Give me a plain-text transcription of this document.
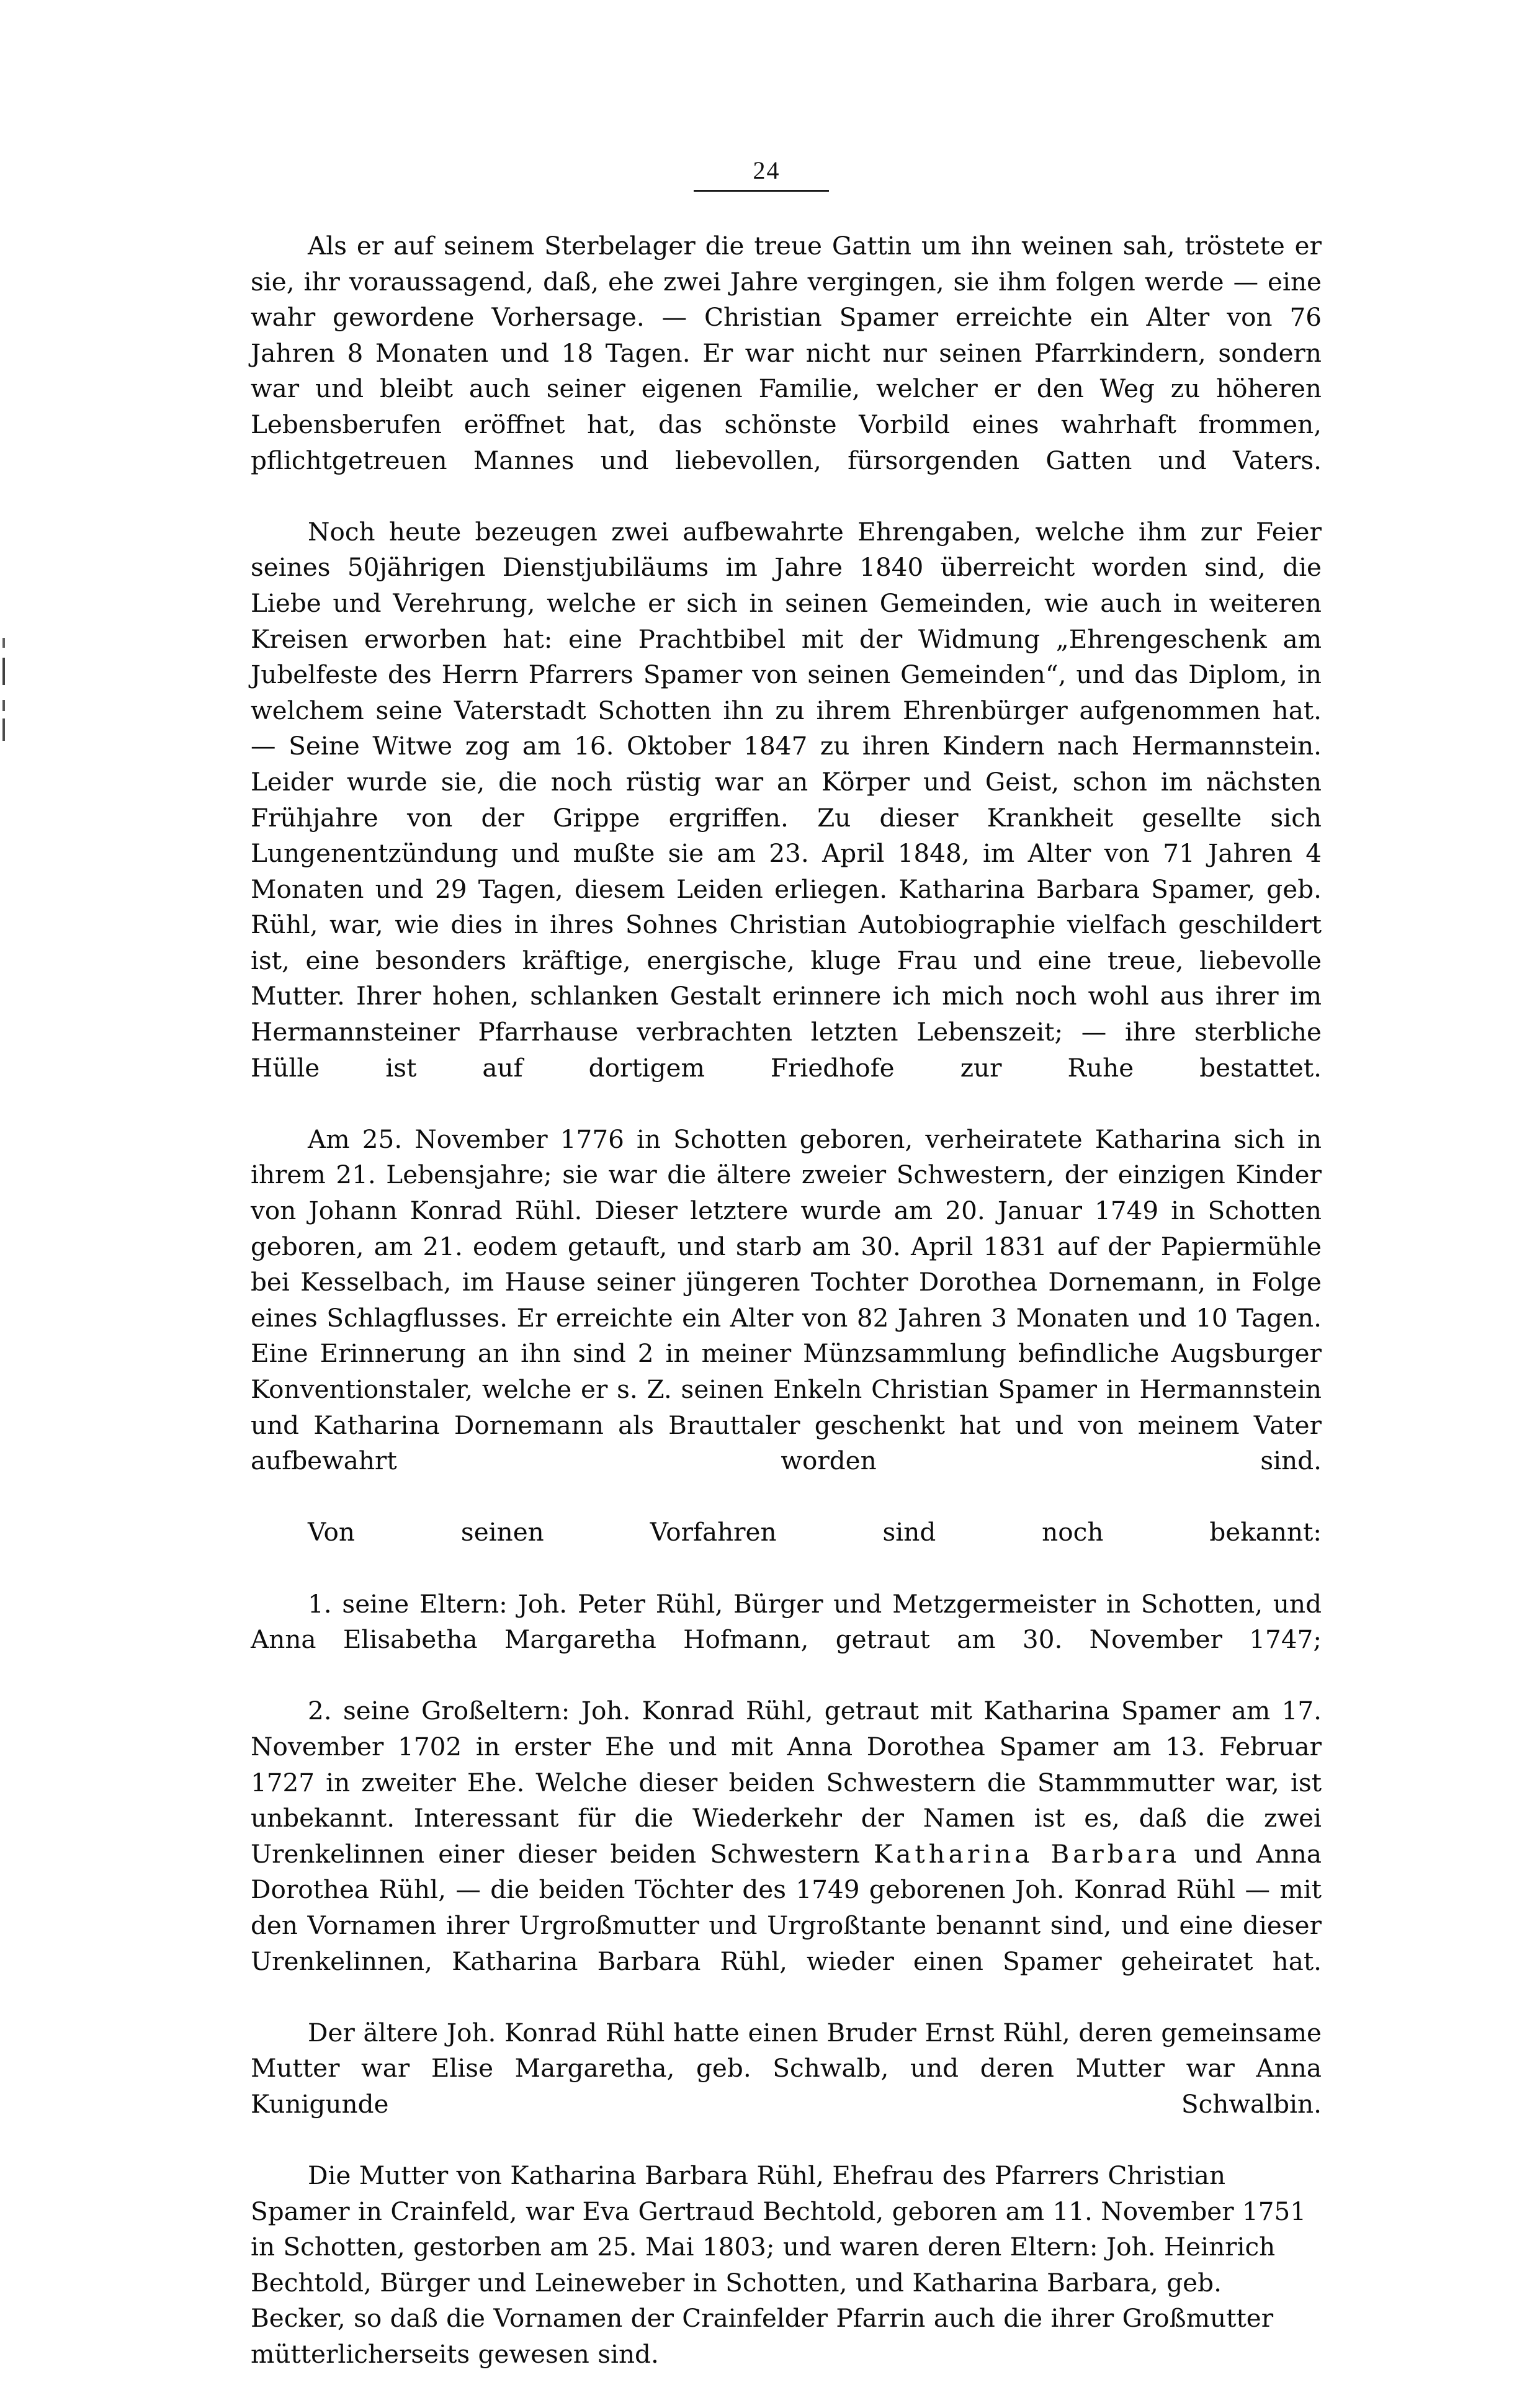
24

Als er auf seinem Sterbelager die treue Gattin um ihn weinen sah, tröstete er sie, ihr voraussagend, daß, ehe zwei Jahre vergingen, sie ihm folgen werde — eine wahr gewordene Vorhersage. — Christian Spamer erreichte ein Alter von 76 Jahren 8 Monaten und 18 Tagen. Er war nicht nur seinen Pfarrkindern, sondern war und bleibt auch seiner eigenen Familie, welcher er den Weg zu höheren Lebensberufen eröffnet hat, das schönste Vorbild eines wahrhaft frommen, pflichtgetreuen Mannes und liebevollen, fürsorgenden Gatten und Vaters.

Noch heute bezeugen zwei aufbewahrte Ehrengaben, welche ihm zur Feier seines 50jährigen Dienstjubiläums im Jahre 1840 überreicht worden sind, die Liebe und Verehrung, welche er sich in seinen Gemeinden, wie auch in weiteren Kreisen erworben hat: eine Prachtbibel mit der Widmung „Ehrengeschenk am Jubelfeste des Herrn Pfarrers Spamer von seinen Gemeinden“, und das Diplom, in welchem seine Vaterstadt Schotten ihn zu ihrem Ehrenbürger aufgenommen hat. — Seine Witwe zog am 16. Oktober 1847 zu ihren Kindern nach Hermannstein. Leider wurde sie, die noch rüstig war an Körper und Geist, schon im nächsten Frühjahre von der Grippe ergriffen. Zu dieser Krankheit gesellte sich Lungenentzündung und mußte sie am 23. April 1848, im Alter von 71 Jahren 4 Monaten und 29 Tagen, diesem Leiden erliegen. Katharina Barbara Spamer, geb. Rühl, war, wie dies in ihres Sohnes Christian Autobiographie vielfach geschildert ist, eine besonders kräftige, energische, kluge Frau und eine treue, liebevolle Mutter. Ihrer hohen, schlanken Gestalt erinnere ich mich noch wohl aus ihrer im Hermannsteiner Pfarrhause verbrachten letzten Lebenszeit; — ihre sterbliche Hülle ist auf dortigem Friedhofe zur Ruhe bestattet.

Am 25. November 1776 in Schotten geboren, verheiratete Katharina sich in ihrem 21. Lebensjahre; sie war die ältere zweier Schwestern, der einzigen Kinder von Johann Konrad Rühl. Dieser letztere wurde am 20. Januar 1749 in Schotten geboren, am 21. eodem getauft, und starb am 30. April 1831 auf der Papiermühle bei Kesselbach, im Hause seiner jüngeren Tochter Dorothea Dornemann, in Folge eines Schlagflusses. Er erreichte ein Alter von 82 Jahren 3 Monaten und 10 Tagen. Eine Erinnerung an ihn sind 2 in meiner Münzsammlung befindliche Augsburger Konventionstaler, welche er s. Z. seinen Enkeln Christian Spamer in Hermannstein und Katharina Dornemann als Brauttaler geschenkt hat und von meinem Vater aufbewahrt worden sind.

Von seinen Vorfahren sind noch bekannt:

1. seine Eltern: Joh. Peter Rühl, Bürger und Metzgermeister in Schotten, und Anna Elisabetha Margaretha Hofmann, getraut am 30. November 1747;

2. seine Großeltern: Joh. Konrad Rühl, getraut mit Katharina Spamer am 17. November 1702 in erster Ehe und mit Anna Dorothea Spamer am 13. Februar 1727 in zweiter Ehe. Welche dieser beiden Schwestern die Stammmutter war, ist unbekannt. Interessant für die Wiederkehr der Namen ist es, daß die zwei Urenkelinnen einer dieser beiden Schwestern Katharina Barbara und Anna Dorothea Rühl, — die beiden Töchter des 1749 geborenen Joh. Konrad Rühl — mit den Vornamen ihrer Urgroßmutter und Urgroßtante benannt sind, und eine dieser Urenkelinnen, Katharina Barbara Rühl, wieder einen Spamer geheiratet hat.

Der ältere Joh. Konrad Rühl hatte einen Bruder Ernst Rühl, deren gemeinsame Mutter war Elise Margaretha, geb. Schwalb, und deren Mutter war Anna Kunigunde Schwalbin.

Die Mutter von Katharina Barbara Rühl, Ehefrau des Pfarrers Christian Spamer in Crainfeld, war Eva Gertraud Bechtold, geboren am 11. November 1751 in Schotten, gestorben am 25. Mai 1803; und waren deren Eltern: Joh. Heinrich Bechtold, Bürger und Leineweber in Schotten, und Katharina Barbara, geb. Becker, so daß die Vornamen der Crainfelder Pfarrin auch die ihrer Großmutter mütterlicherseits gewesen sind.
